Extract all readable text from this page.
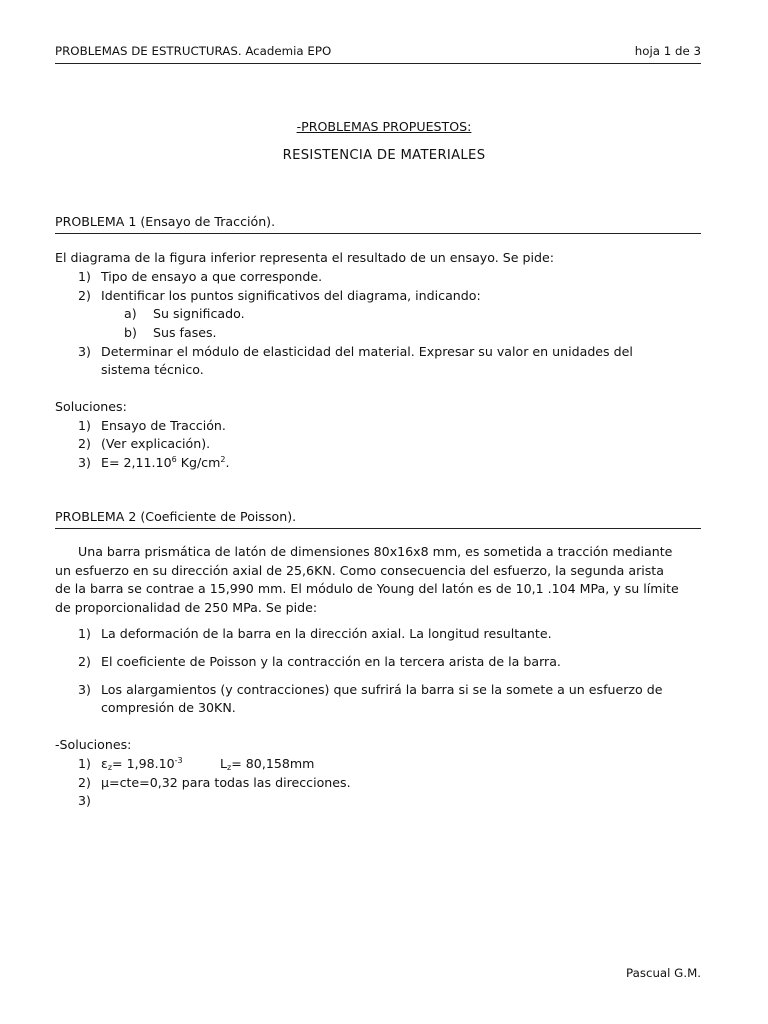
PROBLEMAS DE ESTRUCTURAS. Academia EPO	hoja 1 de 3
-PROBLEMAS PROPUESTOS:
RESISTENCIA DE MATERIALES
PROBLEMA 1 (Ensayo de Tracción).
El diagrama de la figura inferior representa el resultado de un ensayo. Se pide:
1) Tipo de ensayo a que corresponde.
2) Identificar los puntos significativos del diagrama, indicando:
a) Su significado.
b) Sus fases.
3) Determinar el módulo de elasticidad del material. Expresar su valor en unidades del
sistema técnico.
Soluciones:
1) Ensayo de Tracción.
2) (Ver explicación).
3) $E= 2,11.10^6$ $Kg/cm^2$.
PROBLEMA 2 (Coeficiente de Poisson).
Una barra prismática de latón de dimensiones 80x16x8 mm, es sometida a tracción mediante
un esfuerzo en su dirección axial de 25,6KN. Como consecuencia del esfuerzo, la segunda arista
de la barra se contrae a 15,990 mm. El módulo de Young del latón es de 10,1 .104 MPa, y su límite
de proporcionalidad de 250 MPa. Se pide:
1) La deformación de la barra en la dirección axial. La longitud resultante.
2) El coeficiente de Poisson y la contracción en la tercera arista de la barra.
3) Los alargamientos (y contracciones) que sufrirá la barra si se la somete a un esfuerzo de
compresión de 30KN.
-Soluciones:
1) $\varepsilon_z= 1,98.10^{-3}$	$L_z= 80,158mm$
2) μ=cte=0,32 para todas las direcciones.
3)
Pascual G.M.
